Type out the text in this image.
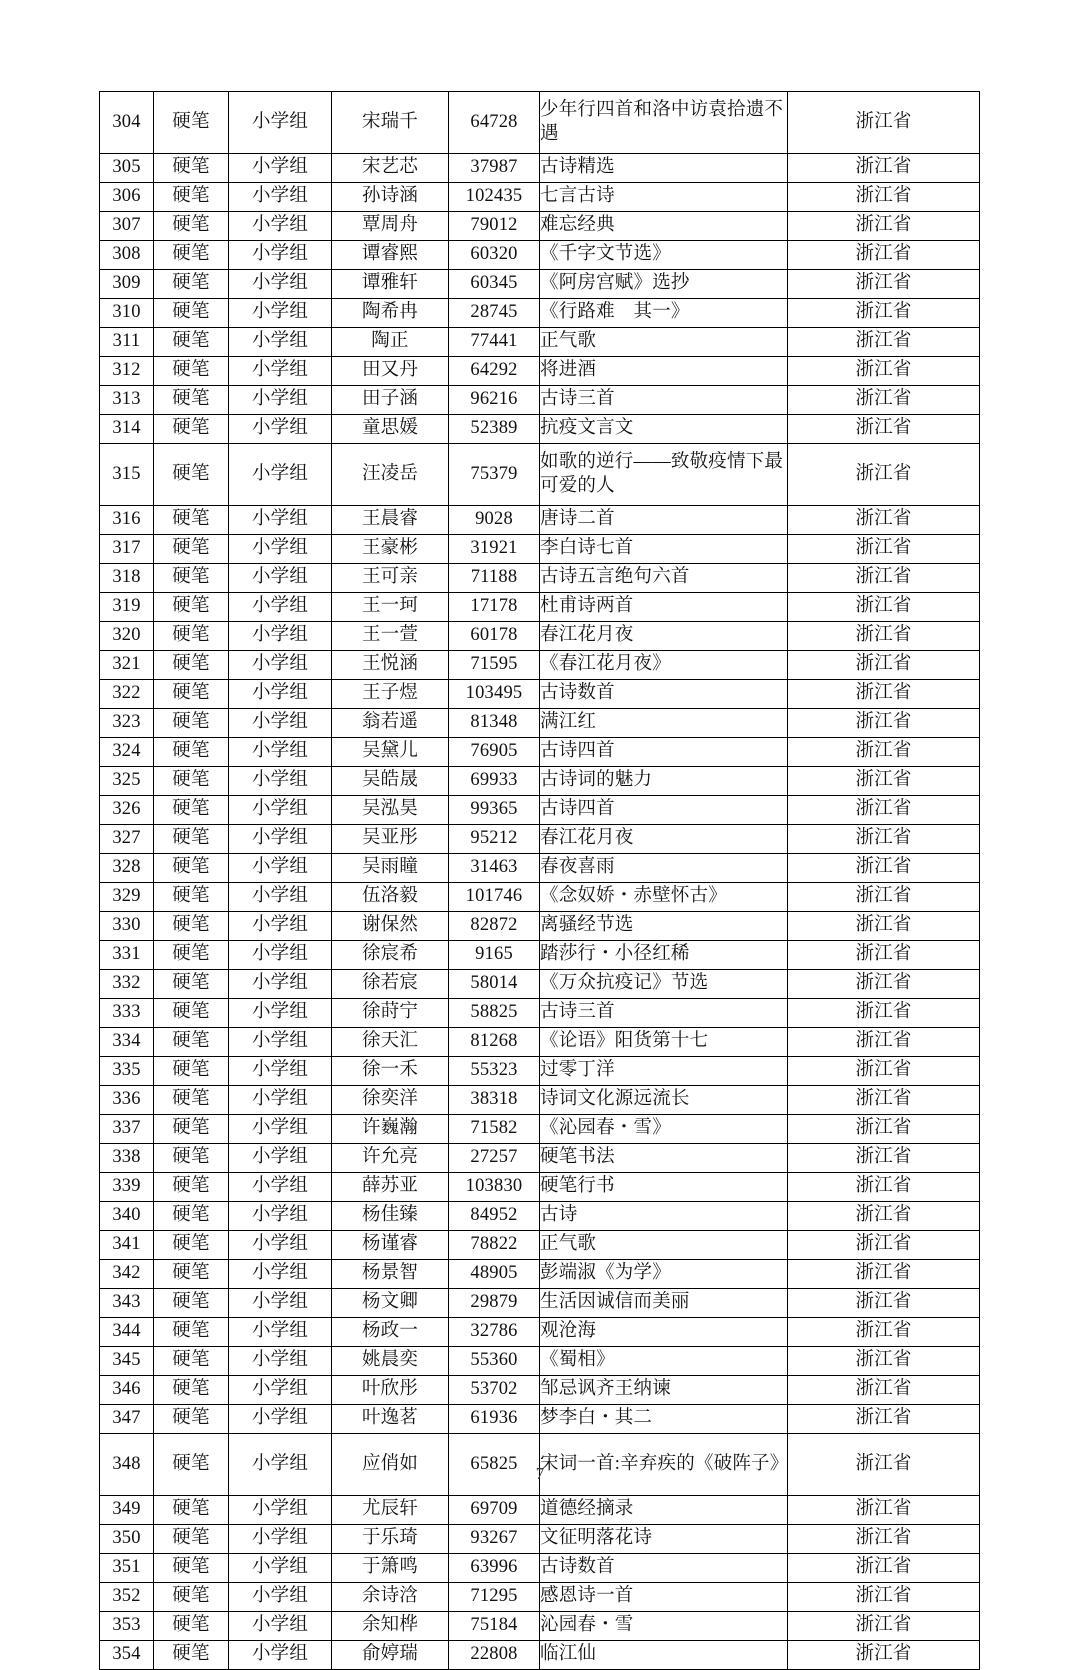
304	硬笔	小学组	宋瑞千	64728	少年行四首和洛中访袁拾遗不遇	浙江省
305	硬笔	小学组	宋艺芯	37987	古诗精选	浙江省
306	硬笔	小学组	孙诗涵	102435	七言古诗	浙江省
307	硬笔	小学组	覃周舟	79012	难忘经典	浙江省
308	硬笔	小学组	谭睿熙	60320	《千字文节选》	浙江省
309	硬笔	小学组	谭雅轩	60345	《阿房宫赋》选抄	浙江省
310	硬笔	小学组	陶希冉	28745	《行路难　其一》	浙江省
311	硬笔	小学组	陶正	77441	正气歌	浙江省
312	硬笔	小学组	田又丹	64292	将进酒	浙江省
313	硬笔	小学组	田子涵	96216	古诗三首	浙江省
314	硬笔	小学组	童思媛	52389	抗疫文言文	浙江省
315	硬笔	小学组	汪凌岳	75379	如歌的逆行——致敬疫情下最可爱的人	浙江省
316	硬笔	小学组	王晨睿	9028	唐诗二首	浙江省
317	硬笔	小学组	王豪彬	31921	李白诗七首	浙江省
318	硬笔	小学组	王可亲	71188	古诗五言绝句六首	浙江省
319	硬笔	小学组	王一珂	17178	杜甫诗两首	浙江省
320	硬笔	小学组	王一萱	60178	春江花月夜	浙江省
321	硬笔	小学组	王悦涵	71595	《春江花月夜》	浙江省
322	硬笔	小学组	王子煜	103495	古诗数首	浙江省
323	硬笔	小学组	翁若遥	81348	满江红	浙江省
324	硬笔	小学组	吴黛儿	76905	古诗四首	浙江省
325	硬笔	小学组	吴皓晟	69933	古诗词的魅力	浙江省
326	硬笔	小学组	吴泓昊	99365	古诗四首	浙江省
327	硬笔	小学组	吴亚彤	95212	春江花月夜	浙江省
328	硬笔	小学组	吴雨瞳	31463	春夜喜雨	浙江省
329	硬笔	小学组	伍洛毅	101746	《念奴娇・赤壁怀古》	浙江省
330	硬笔	小学组	谢保然	82872	离骚经节选	浙江省
331	硬笔	小学组	徐宸希	9165	踏莎行・小径红稀	浙江省
332	硬笔	小学组	徐若宸	58014	《万众抗疫记》节选	浙江省
333	硬笔	小学组	徐莳宁	58825	古诗三首	浙江省
334	硬笔	小学组	徐天汇	81268	《论语》阳货第十七	浙江省
335	硬笔	小学组	徐一禾	55323	过零丁洋	浙江省
336	硬笔	小学组	徐奕洋	38318	诗词文化源远流长	浙江省
337	硬笔	小学组	许巍瀚	71582	《沁园春・雪》	浙江省
338	硬笔	小学组	许允亮	27257	硬笔书法	浙江省
339	硬笔	小学组	薛苏亚	103830	硬笔行书	浙江省
340	硬笔	小学组	杨佳臻	84952	古诗	浙江省
341	硬笔	小学组	杨谨睿	78822	正气歌	浙江省
342	硬笔	小学组	杨景智	48905	彭端淑《为学》	浙江省
343	硬笔	小学组	杨文卿	29879	生活因诚信而美丽	浙江省
344	硬笔	小学组	杨政一	32786	观沧海	浙江省
345	硬笔	小学组	姚晨奕	55360	《蜀相》	浙江省
346	硬笔	小学组	叶欣彤	53702	邹忌讽齐王纳谏	浙江省
347	硬笔	小学组	叶逸茗	61936	梦李白・其二	浙江省
348	硬笔	小学组	应俏如	65825	宋词一首:辛弃疾的《破阵子》	浙江省
349	硬笔	小学组	尤辰轩	69709	道德经摘录	浙江省
350	硬笔	小学组	于乐琦	93267	文征明落花诗	浙江省
351	硬笔	小学组	于箫鸣	63996	古诗数首	浙江省
352	硬笔	小学组	余诗浛	71295	感恩诗一首	浙江省
353	硬笔	小学组	余知桦	75184	沁园春・雪	浙江省
354	硬笔	小学组	俞婷瑞	22808	临江仙	浙江省
7
